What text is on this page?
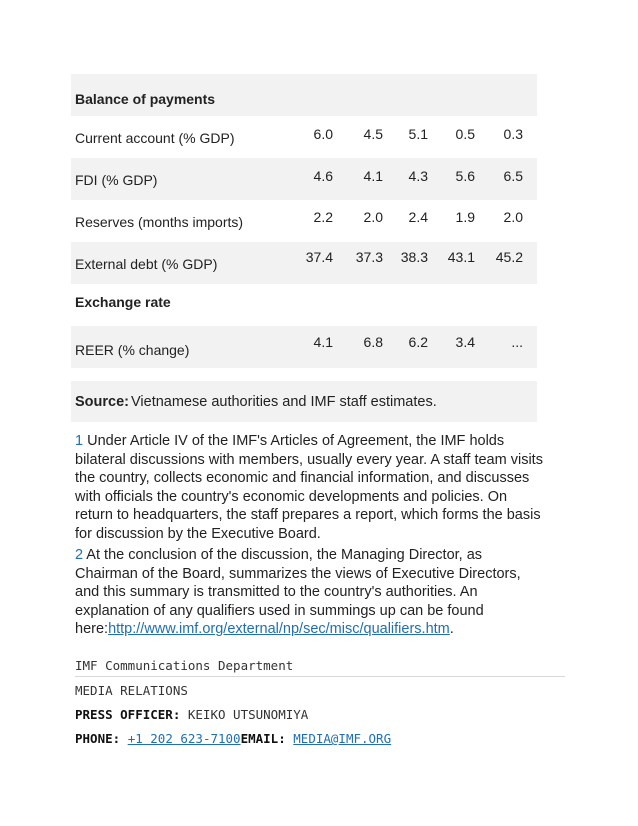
Balance of payments
Current account (% GDP)	6.0 4.5 5.1 0.5 0.3
FDI (% GDP)	4.6 4.1 4.3 5.6 6.5
Reserves (months imports)	2.2 2.0 2.4 1.9 2.0
External debt (% GDP)	37.4 37.3 38.3 43.1 45.2
Exchange rate
REER (% change)	4.1 6.8 6.2 3.4	...
Source: Vietnamese authorities and IMF staff estimates.

1 Under Article IV of the IMF's Articles of Agreement, the IMF holds bilateral discussions with members, usually every year. A staff team visits the country, collects economic and financial information, and discusses with officials the country's economic developments and policies. On return to headquarters, the staff prepares a report, which forms the basis for discussion by the Executive Board.

2 At the conclusion of the discussion, the Managing Director, as Chairman of the Board, summarizes the views of Executive Directors, and this summary is transmitted to the country's authorities. An explanation of any qualifiers used in summings up can be found here:http://www.imf.org/external/np/sec/misc/qualifiers.htm.

IMF Communications Department
MEDIA RELATIONS
PRESS OFFICER: KEIKO UTSUNOMIYA
PHONE: +1 202 623-7100EMAIL: MEDIA@IMF.ORG
